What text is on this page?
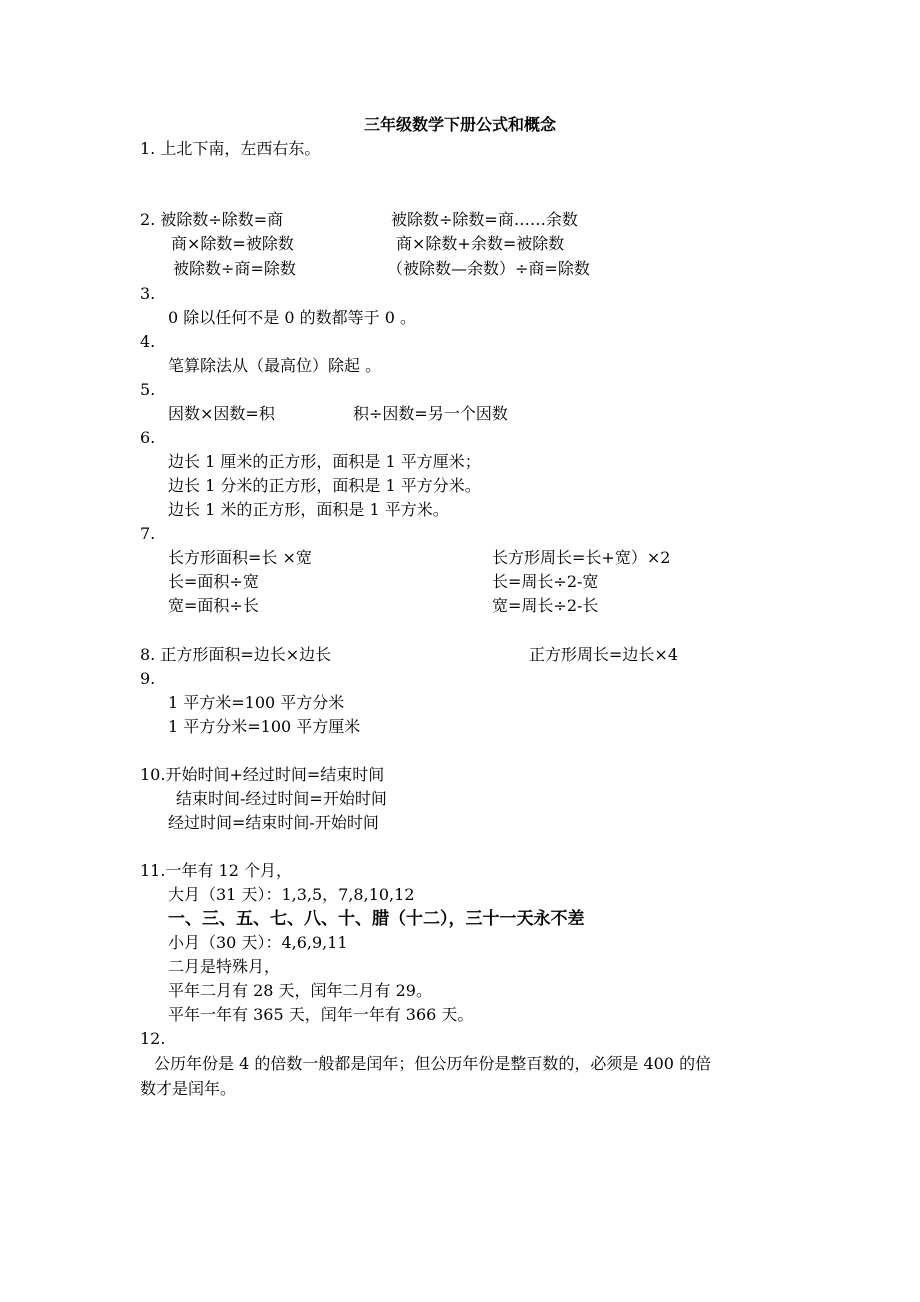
三年级数学下册公式和概念
1. 上北下南，左西右东。
2. 被除数÷除数=商	被除数÷除数=商……余数
商×除数=被除数	商×除数+余数=被除数
被除数÷商=除数	（被除数—余数）÷商=除数
3.
0 除以任何不是 0 的数都等于 0 。
4.
笔算除法从（最高位）除起 。
5.
因数×因数=积	积÷因数=另一个因数
6.
边长 1 厘米的正方形，面积是 1 平方厘米；
边长 1 分米的正方形，面积是 1 平方分米。
边长 1 米的正方形，面积是 1 平方米。
7.
长方形面积=长 ×宽	长方形周长=长+宽）×2
长=面积÷宽	长=周长÷2-宽
宽=面积÷长	宽=周长÷2-长
8. 正方形面积=边长×边长	正方形周长=边长×4
9.
1 平方米=100 平方分米
1 平方分米=100 平方厘米
10.开始时间+经过时间=结束时间
结束时间-经过时间=开始时间
经过时间=结束时间-开始时间
11.一年有 12 个月，
大月（31 天）：1,3,5，7,8,10,12
一、三、五、七、八、十、腊（十二），三十一天永不差
小月（30 天）：4,6,9,11
二月是特殊月，
平年二月有 28 天，闰年二月有 29。
平年一年有 365 天，闰年一年有 366 天。
12.
公历年份是 4 的倍数一般都是闰年；但公历年份是整百数的，必须是 400 的倍
数才是闰年。
